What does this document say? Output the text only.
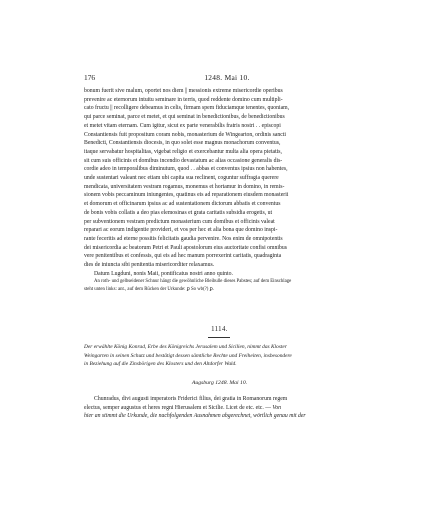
176	1248. Mai 10.
bonum fuerit sive malum, oportet nos diem || messionis extreme misericordie operibus
prevenire ac eternorum intuitu seminare in terris, quod reddente domino cum multipli-
cato fructu || recolligere debeamus in celis, firmam spem fiduciamque tenentes, quoniam,
qui parce seminat, parce et metet, et qui seminat in benedictionibus, de benedictionibus
et metet vitam eternam. Cum igitur, sicut ex parte venerabilis fratris nostri . . episcopi
Constantiensis fuit propositum coram nobis, monasterium de Wingearton, ordinis sancti
Benedicti, Constantiensis diocesis, in quo solet esse magnus monachorum conventus,
itaque servabatur hospitalitas, vigebat religio et exercebantur multa alia opera pietatis,
sit cum suis officinis et domibus incendio devastatum ac alias occasione generalis dis-
cordie adeo in temporalibus diminutum, quod . . abbas et conventus ipsius non habentes,
unde sustentari valeant nec etiam ubi capita sua reclinent, coguntur suffragia querere
mendicata, universitatem vestram rogamus, monemus et hortamur in domino, in remis-
sionem vobis peccaminum iniungentes, quatinus eis ad reparationem eiusdem monasterii
et domorum et officinarum ipsius ac ad sustentationem dictorum abbatis et conventus
de bonis vobis collatis a deo pias elemosinas et grata caritatis subsidia erogetis, ut
per subventionem vestram predictum monasterium cum domibus et officinis valeat
reparari ac eorum indigentie provideri, et vos per hec et alia bona que domino inspi-
rante feceritis ad eterne possitis felicitatis gaudia pervenire. Nos enim de omnipotentis
dei misericordia ac beatorum Petri et Pauli apostolorum eius auctoritate confisi omnibus
vere penitentibus et confessis, qui eis ad hec manum porrexerint caritatis, quadraginta
dies de iniuncta sibi penitentia misericorditer relaxamus.
Datum Lugduni, nonis Maii, pontificatus nostri anno quinto.
An roth- und gelbseidener Schnur hängt die gewöhnliche Bleibulle dieses Pabstes; auf dem Einschlage
steht unten links: ant., auf dem Rücken der Urkunde: ꝑ So wb(?) ꝑ.
1114.
Der erwählte König Konrad, Erbe des Königreichs Jerusalem und Sicilien, nimmt das Kloster
Weingarten in seinen Schutz und bestätigt dessen sämtliche Rechte und Freiheiten, insbesondere
in Beziehung auf die Zinsbörigen des Klosters und den Altdorfer Wald.
Augsburg 1248. Mai 10.
Chunradus, divi augusti imperatoris Friderici filius, dei gratia in Romanorum regem
electus, semper augustus et heres regni Hierusalem et Sicilie. Licet de etc. etc. — Von
hier an stimmt die Urkunde, die nachfolgenden Ausnahmen abgerechnet, wörtlich genau mit der
